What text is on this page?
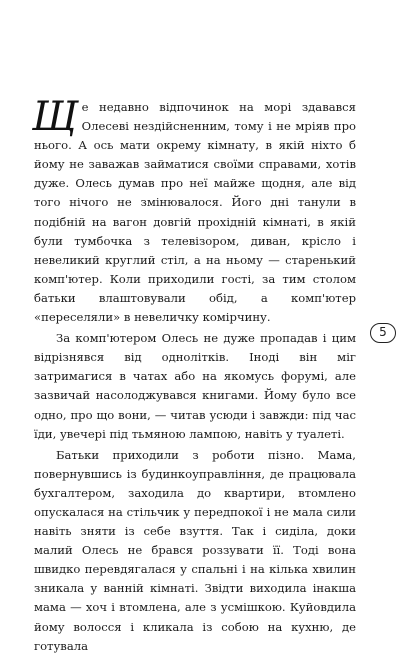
Ще недавно відпочинок на морі здавався Олесеві нездійсненним, тому і не мріяв про нього. А ось мати окрему кімнату, в якій ніхто б йому не заважав займатися своїми справами, хотів дуже. Олесь думав про неї майже щодня, але від того нічого не змінювалося. Його дні танули в подібній на вагон довгій прохідній кімнаті, в якій були тумбочка з телевізором, диван, крісло і невеликий круглий стіл, а на ньому — старенький комп'ютер. Коли приходили гості, за тим столом батьки влаштовували обід, а комп'ютер «переселяли» в невеличку комірчину.

За комп'ютером Олесь не дуже пропадав і цим відрізнявся від однолітків. Іноді він міг затримагися в чатах або на якомусь форумі, але зазвичай насолоджувався книгами. Йому було все одно, про що вони, — читав усюди і завжди: під час їди, увечері під тьмяною лампою, навіть у туалеті.

Батьки приходили з роботи пізно. Мама, повернувшись із будинкоуправління, де працювала бухгалтером, заходила до квартири, втомлено опускалася на стільчик у передпокої і не мала сили навіть зняти із себе взуття. Так і сиділа, доки малий Олесь не брався роззувати її. Тоді вона швидко перевдягалася у спальні і на кілька хвилин зникала у ванній кімнаті. Звідти виходила інакша мама — хоч і втомлена, але з усмішкою. Куйовдила йому волосся і кликала із собою на кухню, де готувала

5
